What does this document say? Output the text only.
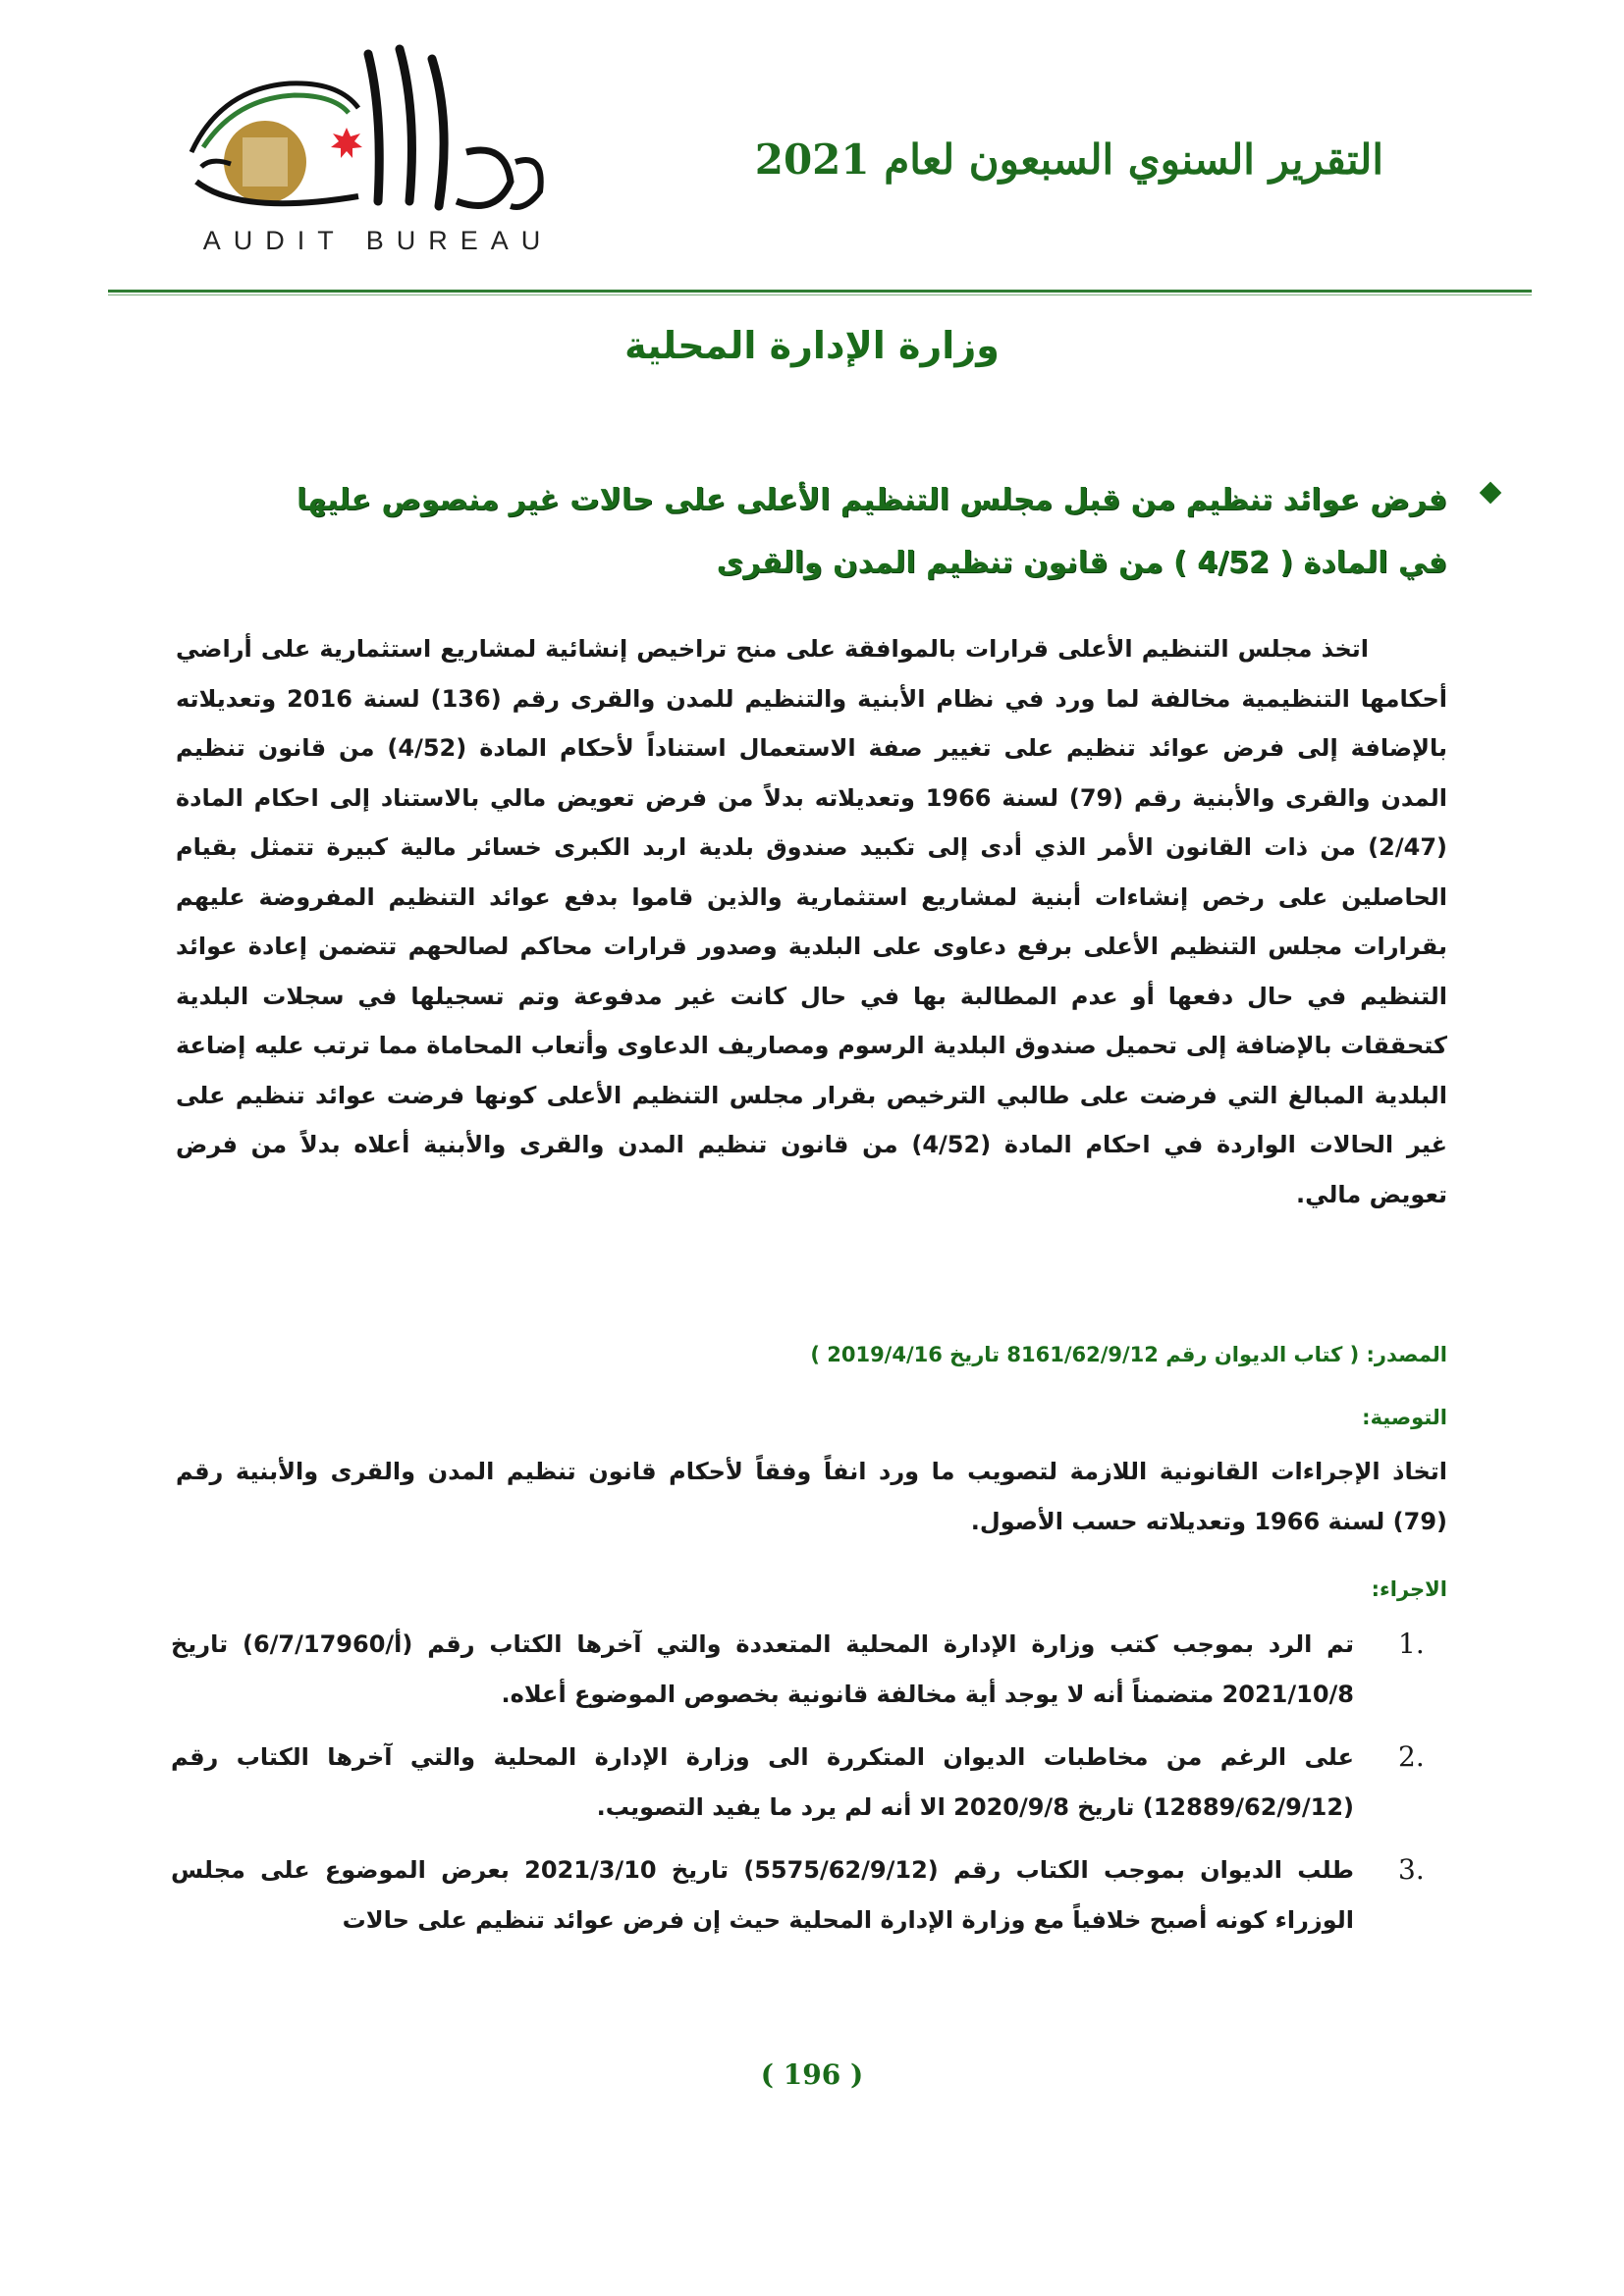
AUDIT BUREAU
التقرير السنوي السبعون لعام 2021
وزارة الإدارة المحلية
فرض عوائد تنظيم من قبل مجلس التنظيم الأعلى على حالات غير منصوص عليها في المادة ( 4/52 ) من قانون تنظيم المدن والقرى
اتخذ مجلس التنظيم الأعلى قرارات بالموافقة على منح تراخيص إنشائية لمشاريع استثمارية على أراضي أحكامها التنظيمية مخالفة لما ورد في نظام الأبنية والتنظيم للمدن والقرى رقم (136) لسنة 2016 وتعديلاته بالإضافة إلى فرض عوائد تنظيم على تغيير صفة الاستعمال استناداً لأحكام المادة (4/52) من قانون تنظيم المدن والقرى والأبنية رقم (79) لسنة 1966 وتعديلاته بدلاً من فرض تعويض مالي بالاستناد إلى احكام المادة (2/47) من ذات القانون الأمر الذي أدى إلى تكبيد صندوق بلدية اربد الكبرى خسائر مالية كبيرة تتمثل بقيام الحاصلين على رخص إنشاءات أبنية لمشاريع استثمارية والذين قاموا بدفع عوائد التنظيم المفروضة عليهم بقرارات مجلس التنظيم الأعلى برفع دعاوى على البلدية وصدور قرارات محاكم لصالحهم تتضمن إعادة عوائد التنظيم في حال دفعها أو عدم المطالبة بها في حال كانت غير مدفوعة وتم تسجيلها في سجلات البلدية كتحققات بالإضافة إلى تحميل صندوق البلدية الرسوم ومصاريف الدعاوى وأتعاب المحاماة مما ترتب عليه إضاعة البلدية المبالغ التي فرضت على طالبي الترخيص بقرار مجلس التنظيم الأعلى كونها فرضت عوائد تنظيم على غير الحالات الواردة في احكام المادة (4/52) من قانون تنظيم المدن والقرى والأبنية أعلاه بدلاً من فرض تعويض مالي.
المصدر: ( كتاب الديوان رقم 8161/62/9/12 تاريخ 2019/4/16 )
التوصية:
اتخاذ الإجراءات القانونية اللازمة لتصويب ما ورد انفاً وفقاً لأحكام قانون تنظيم المدن والقرى والأبنية رقم (79) لسنة 1966 وتعديلاته حسب الأصول.
الاجراء:
1.
تم الرد بموجب كتب وزارة الإدارة المحلية المتعددة والتي آخرها الكتاب رقم (أ/6/7/17960) تاريخ 2021/10/8 متضمناً أنه لا يوجد أية مخالفة قانونية بخصوص الموضوع أعلاه.
2.
على الرغم من مخاطبات الديوان المتكررة الى وزارة الإدارة المحلية والتي آخرها الكتاب رقم (12889/62/9/12) تاريخ 2020/9/8 الا أنه لم يرد ما يفيد التصويب.
3.
طلب الديوان بموجب الكتاب رقم (5575/62/9/12) تاريخ 2021/3/10 بعرض الموضوع على مجلس الوزراء كونه أصبح خلافياً مع وزارة الإدارة المحلية حيث إن فرض عوائد تنظيم على حالات
( 196 )
